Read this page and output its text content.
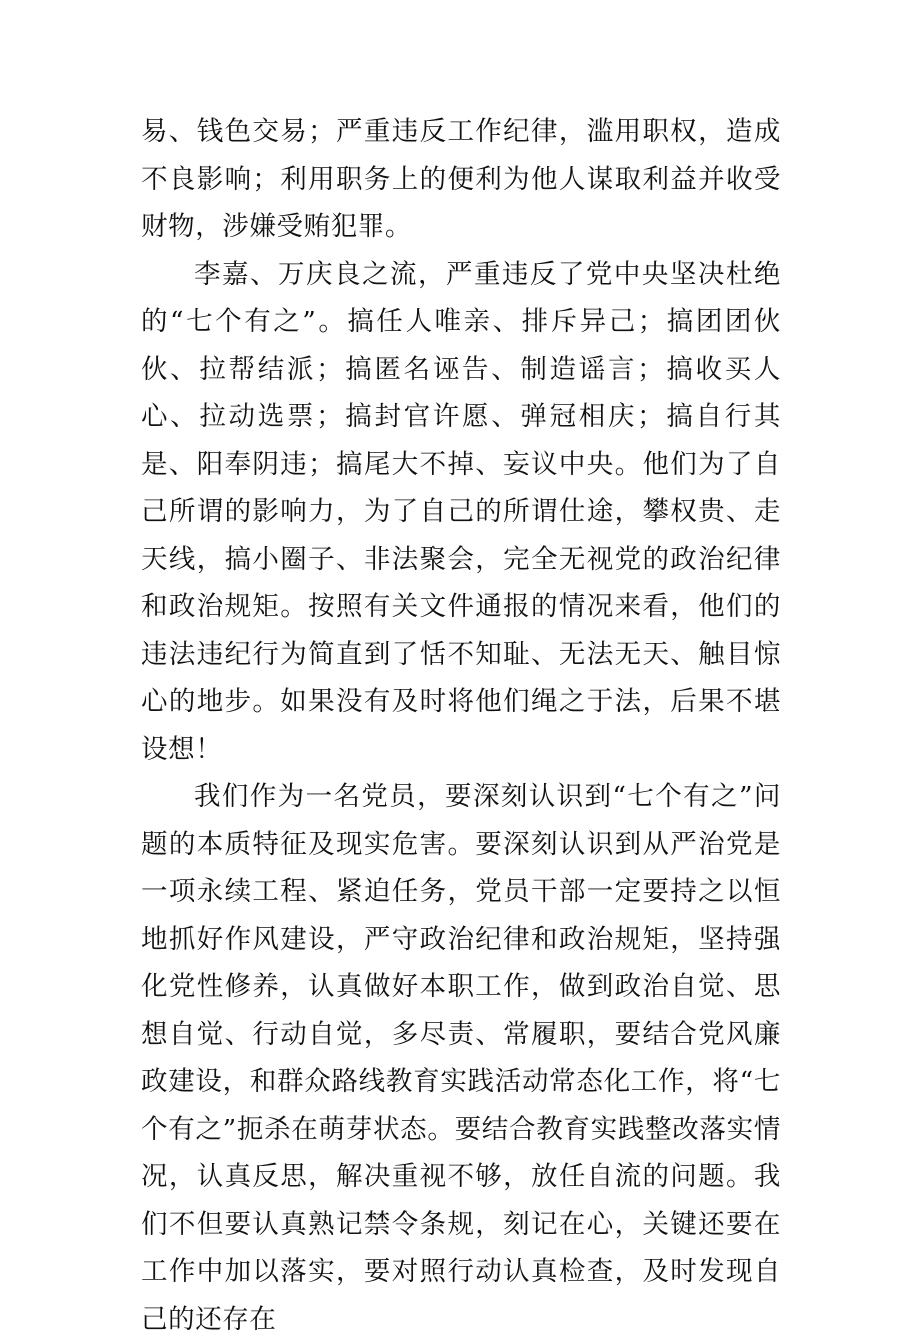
易、钱色交易；严重违反工作纪律，滥用职权，造成不良影响；利用职务上的便利为他人谋取利益并收受财物，涉嫌受贿犯罪。

李嘉、万庆良之流，严重违反了党中央坚决杜绝的“七个有之”。搞任人唯亲、排斥异己；搞团团伙伙、拉帮结派；搞匿名诬告、制造谣言；搞收买人心、拉动选票；搞封官许愿、弹冠相庆；搞自行其是、阳奉阴违；搞尾大不掉、妄议中央。他们为了自己所谓的影响力，为了自己的所谓仕途，攀权贵、走天线，搞小圈子、非法聚会，完全无视党的政治纪律和政治规矩。按照有关文件通报的情况来看，他们的违法违纪行为简直到了恬不知耻、无法无天、触目惊心的地步。如果没有及时将他们绳之于法，后果不堪设想！

我们作为一名党员，要深刻认识到“七个有之”问题的本质特征及现实危害。要深刻认识到从严治党是一项永续工程、紧迫任务，党员干部一定要持之以恒地抓好作风建设，严守政治纪律和政治规矩，坚持强化党性修养，认真做好本职工作，做到政治自觉、思想自觉、行动自觉，多尽责、常履职，要结合党风廉政建设，和群众路线教育实践活动常态化工作，将“七个有之”扼杀在萌芽状态。要结合教育实践整改落实情况，认真反思，解决重视不够，放任自流的问题。我们不但要认真熟记禁令条规，刻记在心，关键还要在工作中加以落实，要对照行动认真检查，及时发现自己的还存在
